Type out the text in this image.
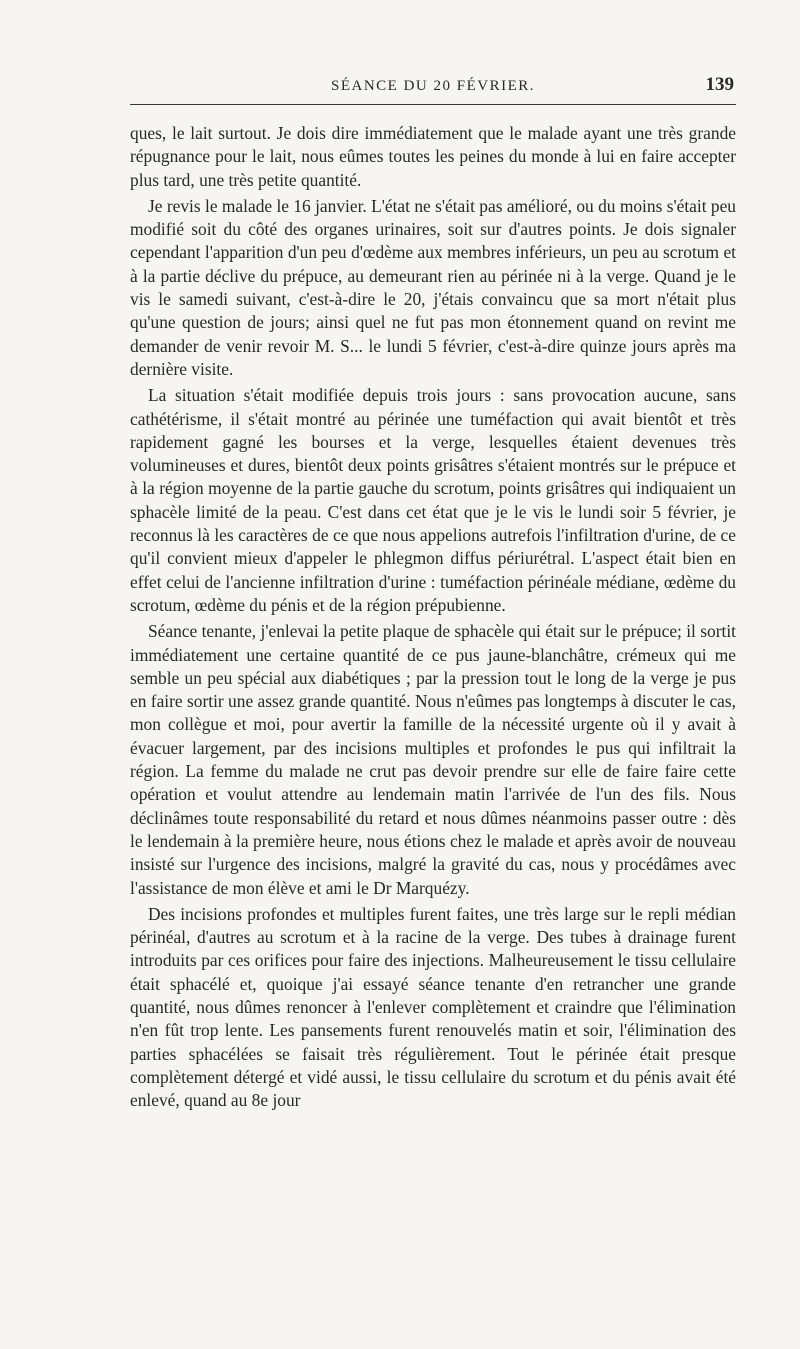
SÉANCE DU 20 FÉVRIER.	139

ques, le lait surtout. Je dois dire immédiatement que le malade ayant une très grande répugnance pour le lait, nous eûmes toutes les peines du monde à lui en faire accepter plus tard, une très petite quantité.

Je revis le malade le 16 janvier. L'état ne s'était pas amélioré, ou du moins s'était peu modifié soit du côté des organes urinaires, soit sur d'autres points. Je dois signaler cependant l'apparition d'un peu d'œdème aux membres inférieurs, un peu au scrotum et à la partie déclive du prépuce, au demeurant rien au périnée ni à la verge. Quand je le vis le samedi suivant, c'est-à-dire le 20, j'étais convaincu que sa mort n'était plus qu'une question de jours; ainsi quel ne fut pas mon étonnement quand on revint me demander de venir revoir M. S... le lundi 5 février, c'est-à-dire quinze jours après ma dernière visite.

La situation s'était modifiée depuis trois jours : sans provocation aucune, sans cathétérisme, il s'était montré au périnée une tuméfaction qui avait bientôt et très rapidement gagné les bourses et la verge, lesquelles étaient devenues très volumineuses et dures, bientôt deux points grisâtres s'étaient montrés sur le prépuce et à la région moyenne de la partie gauche du scrotum, points grisâtres qui indiquaient un sphacèle limité de la peau. C'est dans cet état que je le vis le lundi soir 5 février, je reconnus là les caractères de ce que nous appelions autrefois l'infiltration d'urine, de ce qu'il convient mieux d'appeler le phlegmon diffus périurétral. L'aspect était bien en effet celui de l'ancienne infiltration d'urine : tuméfaction périnéale médiane, œdème du scrotum, œdème du pénis et de la région prépubienne.

Séance tenante, j'enlevai la petite plaque de sphacèle qui était sur le prépuce; il sortit immédiatement une certaine quantité de ce pus jaune-blanchâtre, crémeux qui me semble un peu spécial aux diabétiques ; par la pression tout le long de la verge je pus en faire sortir une assez grande quantité. Nous n'eûmes pas longtemps à discuter le cas, mon collègue et moi, pour avertir la famille de la nécessité urgente où il y avait à évacuer largement, par des incisions multiples et profondes le pus qui infiltrait la région. La femme du malade ne crut pas devoir prendre sur elle de faire faire cette opération et voulut attendre au lendemain matin l'arrivée de l'un des fils. Nous déclinâmes toute responsabilité du retard et nous dûmes néanmoins passer outre : dès le lendemain à la première heure, nous étions chez le malade et après avoir de nouveau insisté sur l'urgence des incisions, malgré la gravité du cas, nous y procédâmes avec l'assistance de mon élève et ami le Dr Marquézy.

Des incisions profondes et multiples furent faites, une très large sur le repli médian périnéal, d'autres au scrotum et à la racine de la verge. Des tubes à drainage furent introduits par ces orifices pour faire des injections. Malheureusement le tissu cellulaire était sphacélé et, quoique j'ai essayé séance tenante d'en retrancher une grande quantité, nous dûmes renoncer à l'enlever complètement et craindre que l'élimination n'en fût trop lente. Les pansements furent renouvelés matin et soir, l'élimination des parties sphacélées se faisait très régulièrement. Tout le périnée était presque complètement détergé et vidé aussi, le tissu cellulaire du scrotum et du pénis avait été enlevé, quand au 8e jour
